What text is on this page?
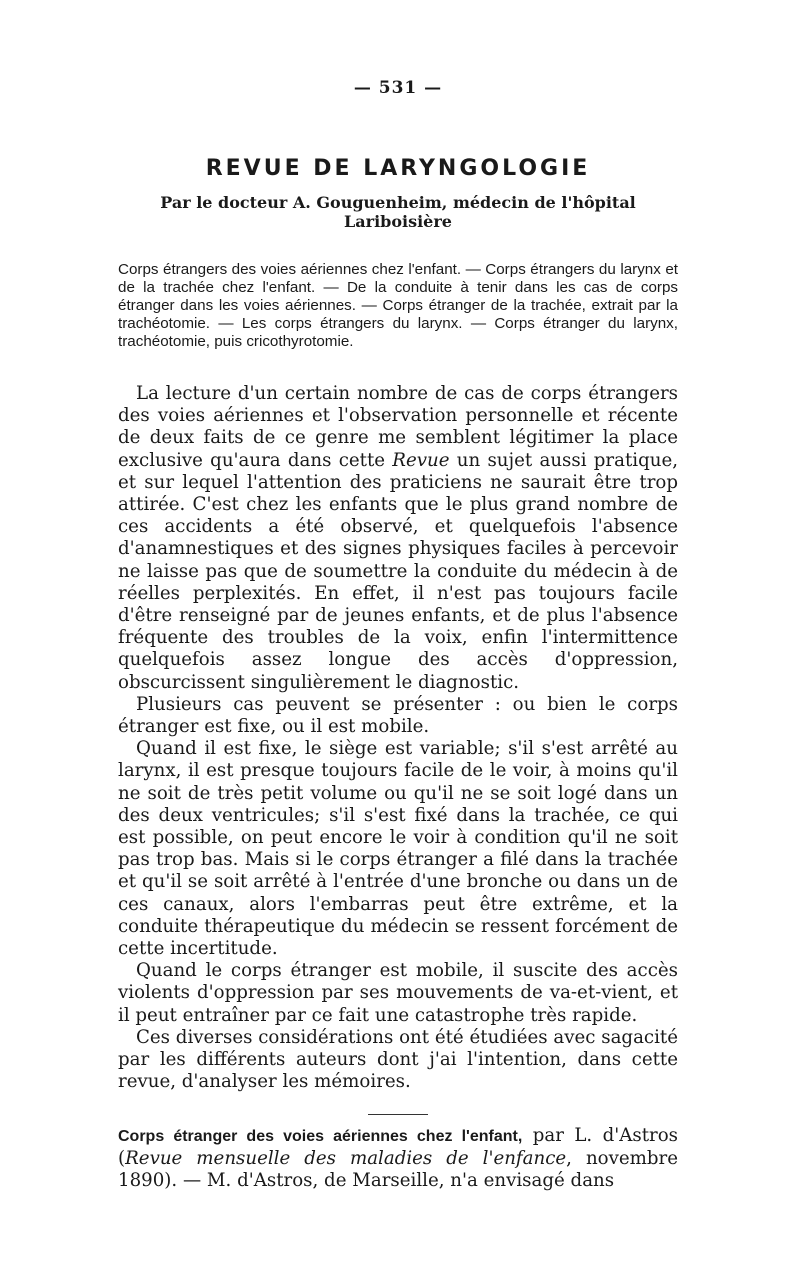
— 531 —
REVUE DE LARYNGOLOGIE
Par le docteur A. Gouguenheim, médecin de l'hôpital Lariboisière
Corps étrangers des voies aériennes chez l'enfant. — Corps étrangers du larynx et de la trachée chez l'enfant. — De la conduite à tenir dans les cas de corps étranger dans les voies aériennes. — Corps étranger de la trachée, extrait par la trachéotomie. — Les corps étrangers du larynx. — Corps étranger du larynx, trachéotomie, puis cricothyrotomie.

La lecture d'un certain nombre de cas de corps étrangers des voies aériennes et l'observation personnelle et récente de deux faits de ce genre me semblent légitimer la place exclusive qu'aura dans cette Revue un sujet aussi pratique, et sur lequel l'attention des praticiens ne saurait être trop attirée. C'est chez les enfants que le plus grand nombre de ces accidents a été observé, et quelquefois l'absence d'anamnestiques et des signes physiques faciles à percevoir ne laisse pas que de soumettre la conduite du médecin à de réelles perplexités. En effet, il n'est pas toujours facile d'être renseigné par de jeunes enfants, et de plus l'absence fréquente des troubles de la voix, enfin l'intermittence quelquefois assez longue des accès d'oppression, obscurcissent singulièrement le diagnostic.

Plusieurs cas peuvent se présenter : ou bien le corps étranger est fixe, ou il est mobile.

Quand il est fixe, le siège est variable; s'il s'est arrêté au larynx, il est presque toujours facile de le voir, à moins qu'il ne soit de très petit volume ou qu'il ne se soit logé dans un des deux ventricules; s'il s'est fixé dans la trachée, ce qui est possible, on peut encore le voir à condition qu'il ne soit pas trop bas. Mais si le corps étranger a filé dans la trachée et qu'il se soit arrêté à l'entrée d'une bronche ou dans un de ces canaux, alors l'embarras peut être extrême, et la conduite thérapeutique du médecin se ressent forcément de cette incertitude.

Quand le corps étranger est mobile, il suscite des accès violents d'oppression par ses mouvements de va-et-vient, et il peut entraîner par ce fait une catastrophe très rapide.

Ces diverses considérations ont été étudiées avec sagacité par les différents auteurs dont j'ai l'intention, dans cette revue, d'analyser les mémoires.

Corps étranger des voies aériennes chez l'enfant, par L. d'Astros (Revue mensuelle des maladies de l'enfance, novembre 1890). — M. d'Astros, de Marseille, n'a envisagé dans
